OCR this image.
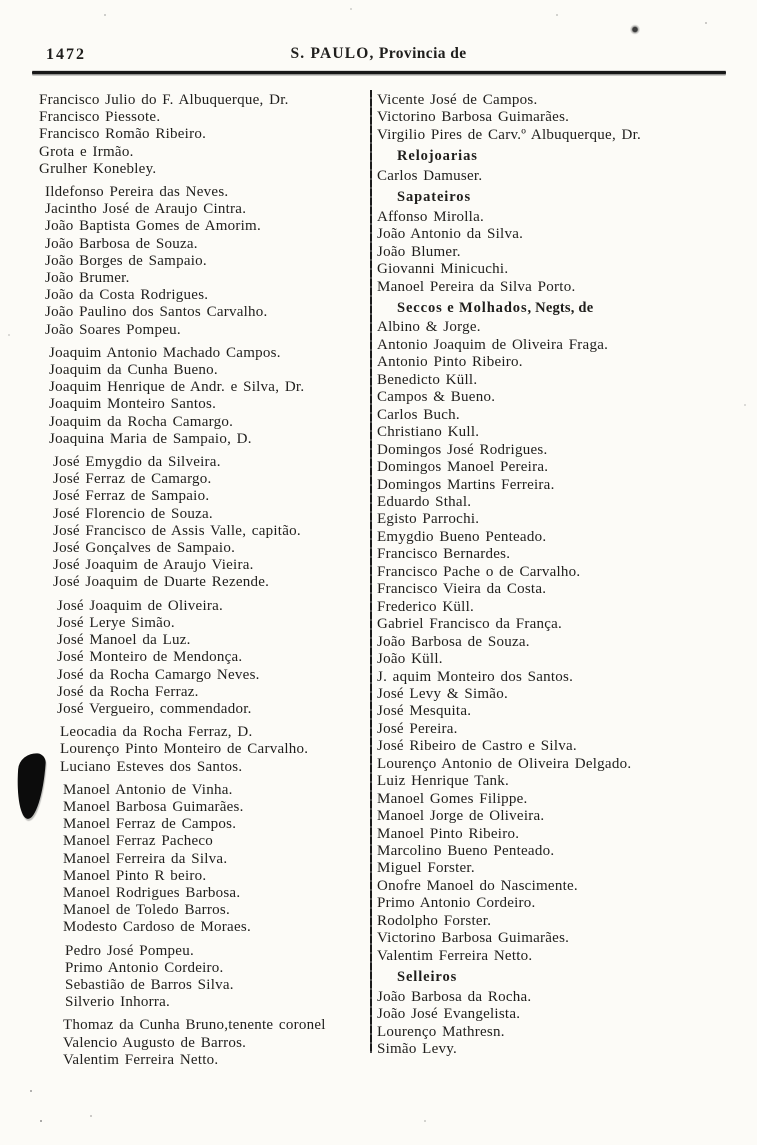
1472	S. PAULO, Provincia de
Francisco Julio do F. Albuquerque, Dr.
Francisco Piessote.
Francisco Romão Ribeiro.
Grota e Irmão.
Grulher Konebley.
Ildefonso Pereira das Neves.
Jacintho José de Araujo Cintra.
João Baptista Gomes de Amorim.
João Barbosa de Souza.
João Borges de Sampaio.
João Brumer.
João da Costa Rodrigues.
João Paulino dos Santos Carvalho.
João Soares Pompeu.
Joaquim Antonio Machado Campos.
Joaquim da Cunha Bueno.
Joaquim Henrique de Andr. e Silva, Dr.
Joaquim Monteiro Santos.
Joaquim da Rocha Camargo.
Joaquina Maria de Sampaio, D.
José Emygdio da Silveira.
José Ferraz de Camargo.
José Ferraz de Sampaio.
José Florencio de Souza.
José Francisco de Assis Valle, capitão.
José Gonçalves de Sampaio.
José Joaquim de Araujo Vieira.
José Joaquim de Duarte Rezende.
José Joaquim de Oliveira.
José Lerye Simão.
José Manoel da Luz.
José Monteiro de Mendonça.
José da Rocha Camargo Neves.
José da Rocha Ferraz.
José Vergueiro, commendador.
Leocadia da Rocha Ferraz, D.
Lourenço Pinto Monteiro de Carvalho.
Luciano Esteves dos Santos.
Manoel Antonio de Vinha.
Manoel Barbosa Guimarães.
Manoel Ferraz de Campos.
Manoel Ferraz Pacheco
Manoel Ferreira da Silva.
Manoel Pinto R beiro.
Manoel Rodrigues Barbosa.
Manoel de Toledo Barros.
Modesto Cardoso de Moraes.
Pedro José Pompeu.
Primo Antonio Cordeiro.
Sebastião de Barros Silva.
Silverio Inhorra.
Thomaz da Cunha Bruno,tenente coronel
Valencio Augusto de Barros.
Valentim Ferreira Netto.
Vicente José de Campos.
Victorino Barbosa Guimarães.
Virgilio Pires de Carv.º Albuquerque, Dr.
Relojoarias
Carlos Damuser.
Sapateiros
Affonso Mirolla.
João Antonio da Silva.
João Blumer.
Giovanni Minicuchi.
Manoel Pereira da Silva Porto.
Seccos e Molhados, Negts, de
Albino & Jorge.
Antonio Joaquim de Oliveira Fraga.
Antonio Pinto Ribeiro.
Benedicto Küll.
Campos & Bueno.
Carlos Buch.
Christiano Kull.
Domingos José Rodrigues.
Domingos Manoel Pereira.
Domingos Martins Ferreira.
Eduardo Sthal.
Egisto Parrochi.
Emygdio Bueno Penteado.
Francisco Bernardes.
Francisco Pache o de Carvalho.
Francisco Vieira da Costa.
Frederico Küll.
Gabriel Francisco da França.
João Barbosa de Souza.
João Küll.
J. aquim Monteiro dos Santos.
José Levy & Simão.
José Mesquita.
José Pereira.
José Ribeiro de Castro e Silva.
Lourenço Antonio de Oliveira Delgado.
Luiz Henrique Tank.
Manoel Gomes Filippe.
Manoel Jorge de Oliveira.
Manoel Pinto Ribeiro.
Marcolino Bueno Penteado.
Miguel Forster.
Onofre Manoel do Nascimente.
Primo Antonio Cordeiro.
Rodolpho Forster.
Victorino Barbosa Guimarães.
Valentim Ferreira Netto.
Selleiros
João Barbosa da Rocha.
João José Evangelista.
Lourenço Mathresn.
Simão Levy.
